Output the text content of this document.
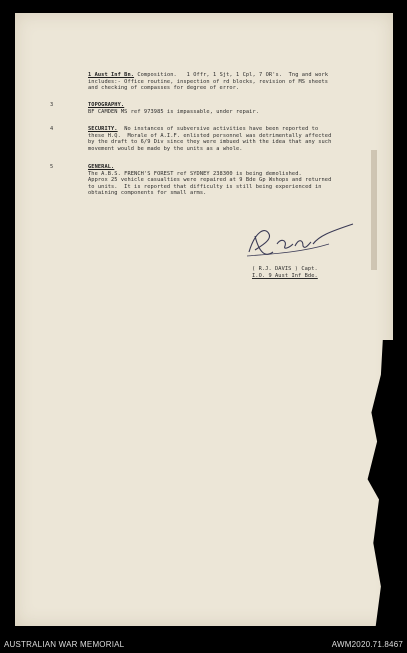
1 Aust Inf Bn. Composition.   1 Offr, 1 Sjt, 1 Cpl, 7 OR's.  Tng and work
includes:- Office routine, inspection of rd blocks, revision of MS sheets
and checking of compasses for degree of error.
3	TOPOGRAPHY.
BF CAMDEN MS ref 973985 is impassable, under repair.
4	SECURITY. No instances of subversive activities have been reported to
these H.Q.  Morale of A.I.F. enlisted personnel was detrimentally affected
by the draft to 6/9 Div since they were imbued with the idea that any such
movement would be made by the units as a whole.
5	GENERAL.
The A.B.S. FRENCH'S FOREST ref SYDNEY 238300 is being demolished.
Approx 25 vehicle casualties were repaired at 9 Bde Gp Wshops and returned
to units.  It is reported that difficulty is still being experienced in
obtaining components for small arms.
( R.J. DAVIS ) Capt.
I.O. 9 Aust Inf Bde.
AUSTRALIAN WAR MEMORIAL	AWM2020.71.8467
